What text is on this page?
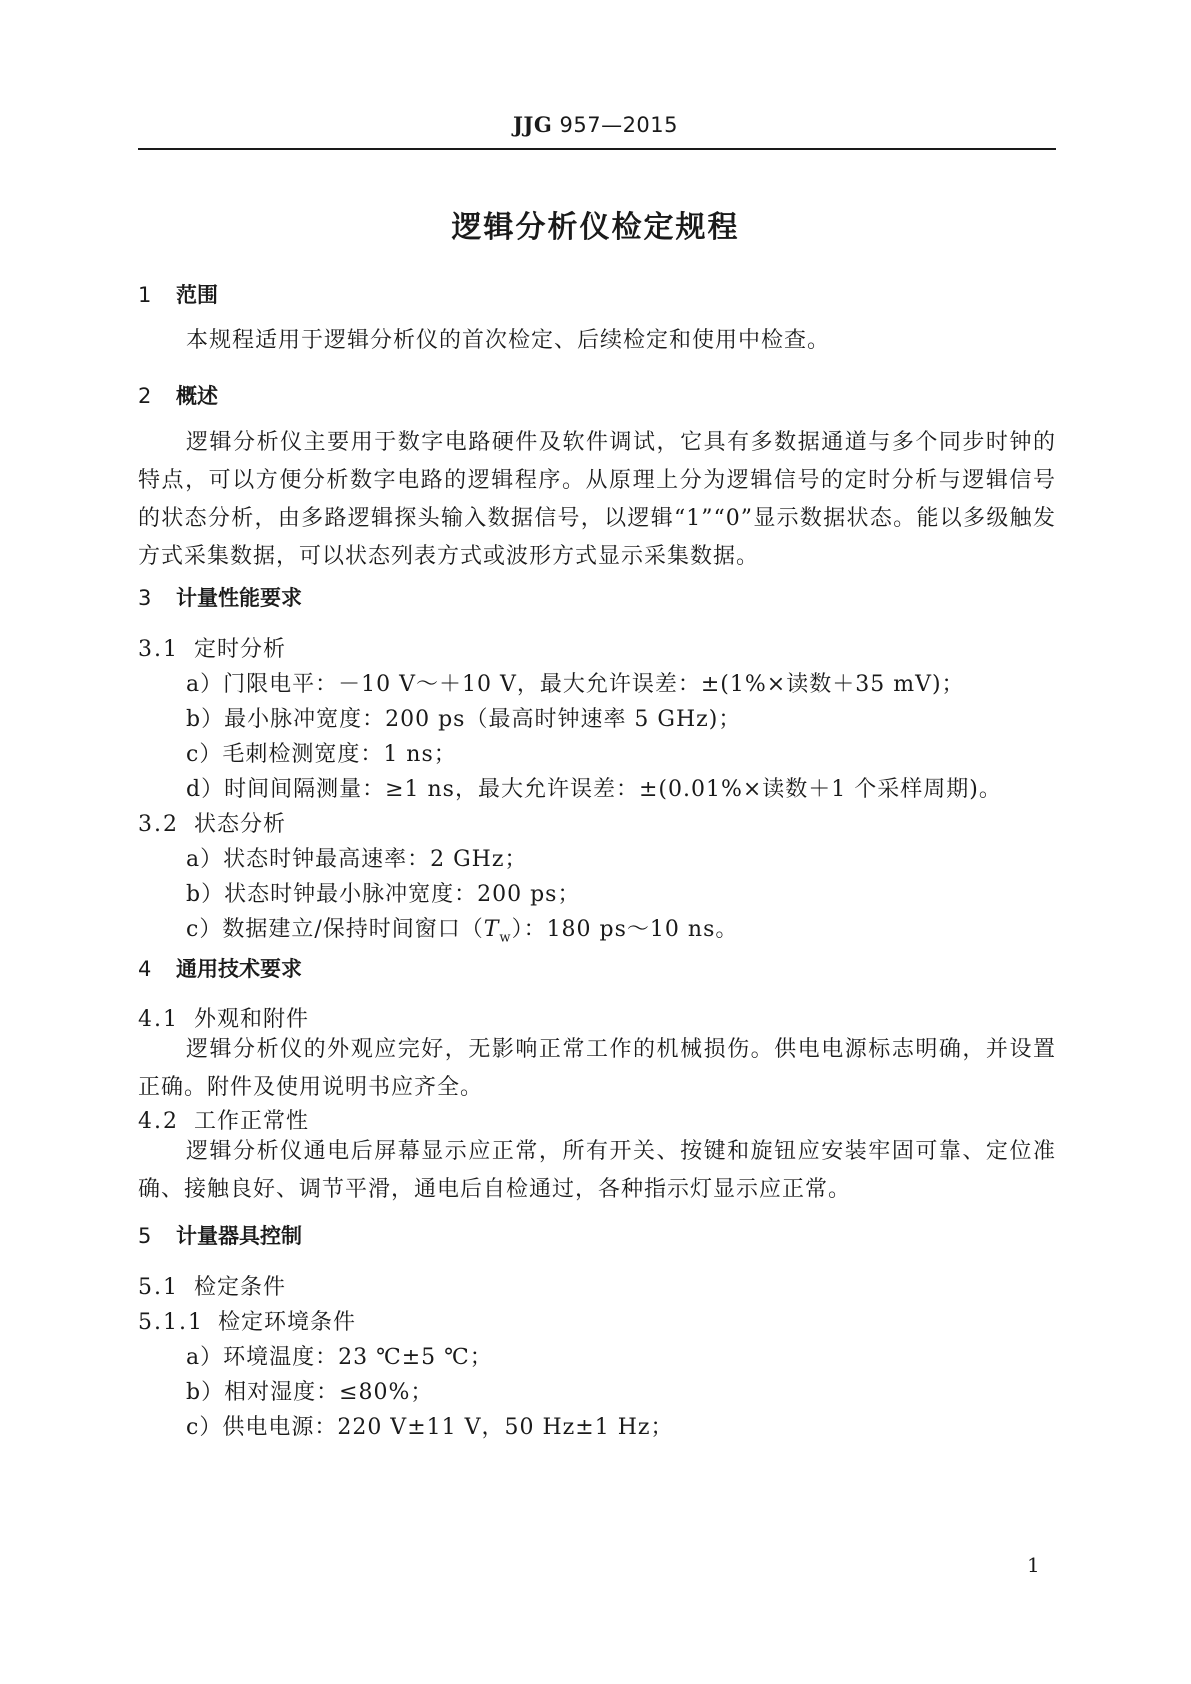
JJG 957—2015
逻辑分析仪检定规程
1 范围
本规程适用于逻辑分析仪的首次检定、后续检定和使用中检查。
2 概述
逻辑分析仪主要用于数字电路硬件及软件调试，它具有多数据通道与多个同步时钟的特点，可以方便分析数字电路的逻辑程序。从原理上分为逻辑信号的定时分析与逻辑信号的状态分析，由多路逻辑探头输入数据信号，以逻辑“1”“0”显示数据状态。能以多级触发方式采集数据，可以状态列表方式或波形方式显示采集数据。
3 计量性能要求
3.1 定时分析
a）门限电平：－10 V～＋10 V，最大允许误差：±(1%×读数＋35 mV)；
b）最小脉冲宽度：200 ps（最高时钟速率 5 GHz)；
c）毛刺检测宽度：1 ns；
d）时间间隔测量：≥1 ns，最大允许误差：±(0.01%×读数＋1 个采样周期)。
3.2 状态分析
a）状态时钟最高速率：2 GHz；
b）状态时钟最小脉冲宽度：200 ps；
c）数据建立/保持时间窗口$(T_w)$：180 ps～10 ns。
4 通用技术要求
4.1 外观和附件
逻辑分析仪的外观应完好，无影响正常工作的机械损伤。供电电源标志明确，并设置正确。附件及使用说明书应齐全。
4.2 工作正常性
逻辑分析仪通电后屏幕显示应正常，所有开关、按键和旋钮应安装牢固可靠、定位准确、接触良好、调节平滑，通电后自检通过，各种指示灯显示应正常。
5 计量器具控制
5.1 检定条件
5.1.1 检定环境条件
a）环境温度：23 ℃±5 ℃；
b）相对湿度：≤80%；
c）供电电源：220 V±11 V，50 Hz±1 Hz；
1
